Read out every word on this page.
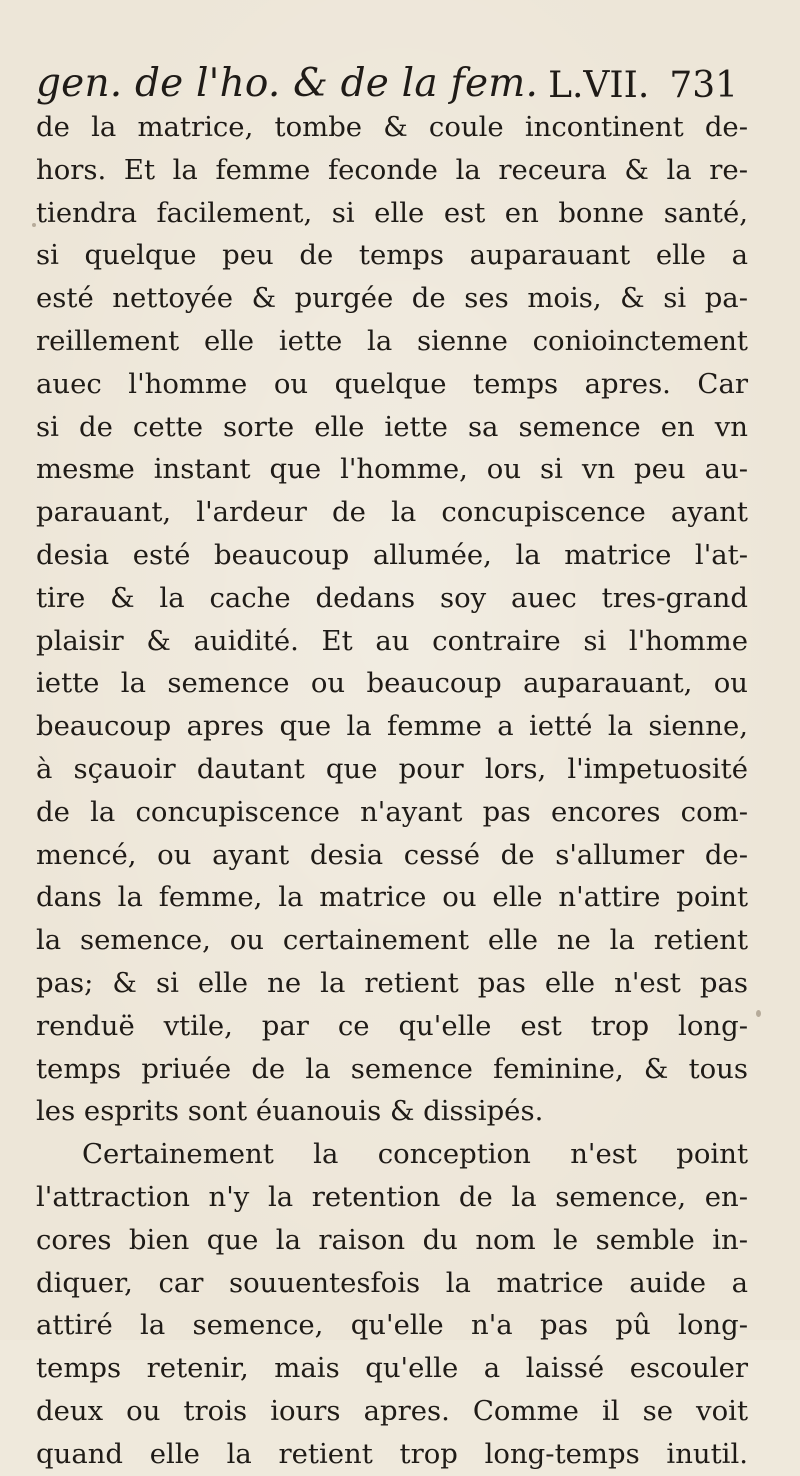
gen. de l'ho. & de la fem. L.VII. 731
de la matrice, tombe & coule incontinent de-
hors. Et la femme feconde la receura & la re-
tiendra facilement, si elle est en bonne santé,
si quelque peu de temps auparauant elle a
esté nettoyée & purgée de ses mois, & si pa-
reillement elle iette la sienne conioinctement
auec l'homme ou quelque temps apres. Car
si de cette sorte elle iette sa semence en vn
mesme instant que l'homme, ou si vn peu au-
parauant, l'ardeur de la concupiscence ayant
desia esté beaucoup allumée, la matrice l'at-
tire & la cache dedans soy auec tres-grand
plaisir & auidité. Et au contraire si l'homme
iette la semence ou beaucoup auparauant, ou
beaucoup apres que la femme a ietté la sienne,
à sçauoir dautant que pour lors, l'impetuosité
de la concupiscence n'ayant pas encores com-
mencé, ou ayant desia cessé de s'allumer de-
dans la femme, la matrice ou elle n'attire point
la semence, ou certainement elle ne la retient
pas; & si elle ne la retient pas elle n'est pas
renduë vtile, par ce qu'elle est trop long-
temps priuée de la semence feminine, & tous
les esprits sont éuanouis & dissipés.
Certainement la conception n'est point
l'attraction n'y la retention de la semence, en-
cores bien que la raison du nom le semble in-
diquer, car souuentesfois la matrice auide a
attiré la semence, qu'elle n'a pas pû long-
temps retenir, mais qu'elle a laissé escouler
deux ou trois iours apres. Comme il se voit
quand elle la retient trop long-temps inutil.
